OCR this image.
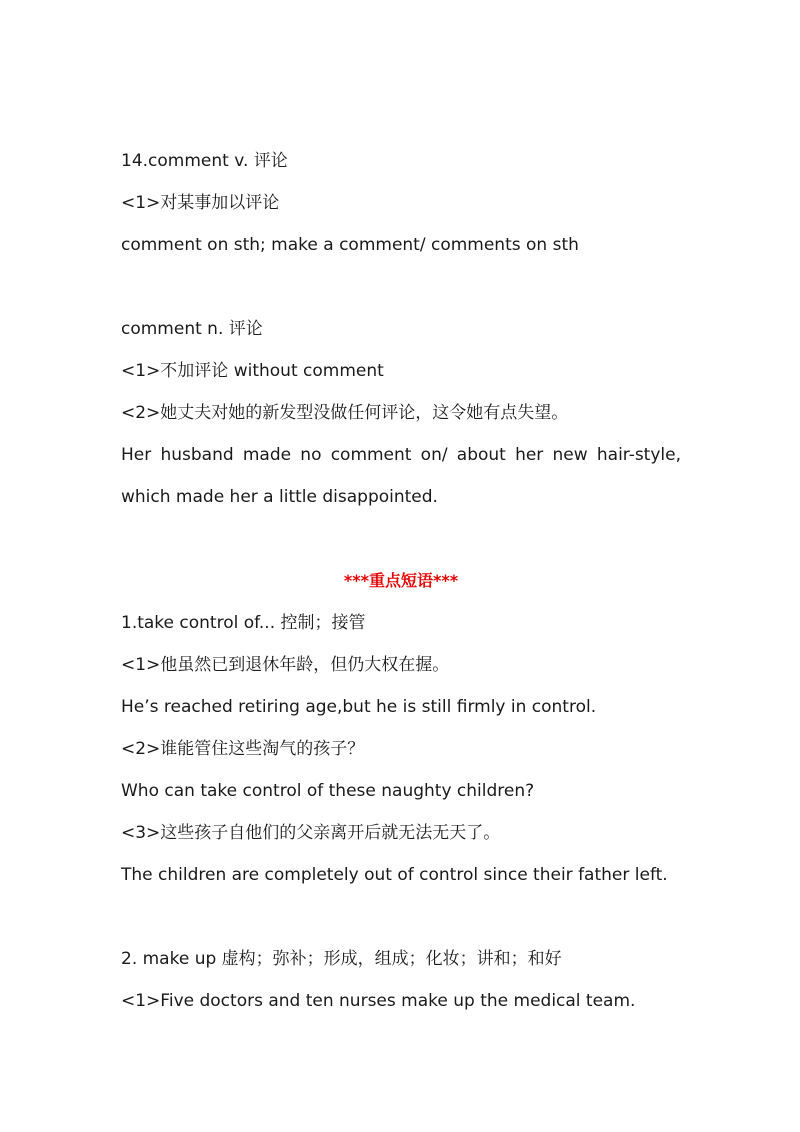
14.comment v. 评论
<1>对某事加以评论
comment on sth; make a comment/ comments on sth
comment n. 评论
<1>不加评论 without comment
<2>她丈夫对她的新发型没做任何评论，这令她有点失望。
Her husband made no comment on/ about her new hair-style,
which made her a little disappointed.
***重点短语***
1.take control of... 控制；接管
<1>他虽然已到退休年龄，但仍大权在握。
He’s reached retiring age,but he is still firmly in control.
<2>谁能管住这些淘气的孩子？
Who can take control of these naughty children?
<3>这些孩子自他们的父亲离开后就无法无天了。
The children are completely out of control since their father left.
2. make up 虚构；弥补；形成，组成；化妆；讲和；和好
<1>Five doctors and ten nurses make up the medical team.
